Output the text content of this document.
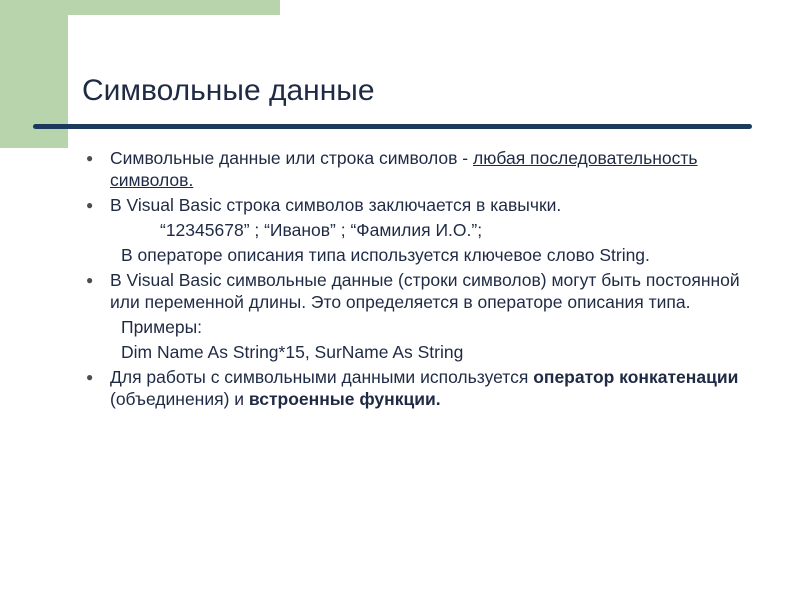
Символьные данные

● Символьные данные или строка символов - любая последовательность символов.

● В Visual Basic строка символов заключается в кавычки.

“12345678” ; “Иванов” ; “Фамилия И.О.”;

В операторе описания типа используется ключевое слово String.

● В Visual Basic символьные данные (строки символов) могут быть постоянной или переменной длины. Это определяется в операторе описания типа.

Примеры:

Dim Name As String*15, SurName As String

● Для работы с символьными данными используется оператор конкатенации (объединения) и встроенные функции.
